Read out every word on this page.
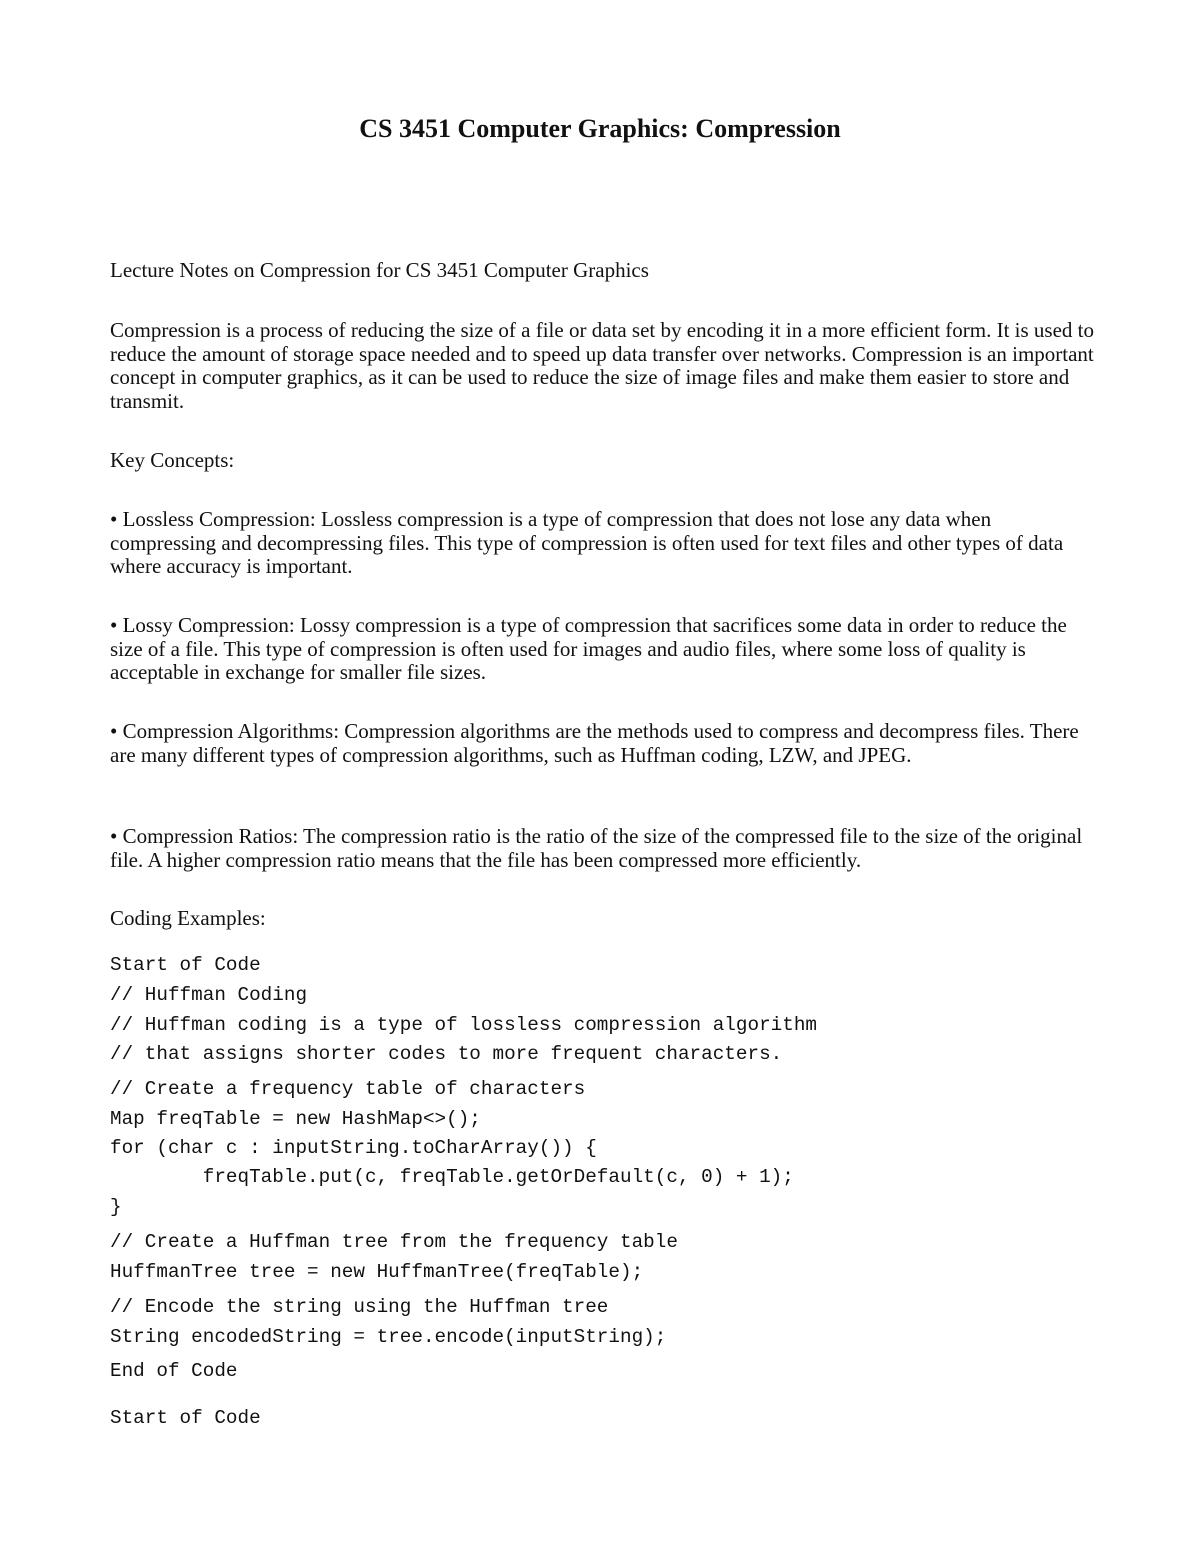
CS 3451 Computer Graphics: Compression

Lecture Notes on Compression for CS 3451 Computer Graphics

Compression is a process of reducing the size of a file or data set by encoding it in a more efficient form. It is used to reduce the amount of storage space needed and to speed up data transfer over networks. Compression is an important concept in computer graphics, as it can be used to reduce the size of image files and make them easier to store and transmit.

Key Concepts:

• Lossless Compression: Lossless compression is a type of compression that does not lose any data when compressing and decompressing files. This type of compression is often used for text files and other types of data where accuracy is important.

• Lossy Compression: Lossy compression is a type of compression that sacrifices some data in order to reduce the size of a file. This type of compression is often used for images and audio files, where some loss of quality is acceptable in exchange for smaller file sizes.

• Compression Algorithms: Compression algorithms are the methods used to compress and decompress files. There are many different types of compression algorithms, such as Huffman coding, LZW, and JPEG.

• Compression Ratios: The compression ratio is the ratio of the size of the compressed file to the size of the original file. A higher compression ratio means that the file has been compressed more efficiently.

Coding Examples:

Start of Code
// Huffman Coding
// Huffman coding is a type of lossless compression algorithm
// that assigns shorter codes to more frequent characters.
// Create a frequency table of characters
Map freqTable = new HashMap<>();
for (char c : inputString.toCharArray()) {
freqTable.put(c, freqTable.getOrDefault(c, 0) + 1);
}
// Create a Huffman tree from the frequency table
HuffmanTree tree = new HuffmanTree(freqTable);
// Encode the string using the Huffman tree
String encodedString = tree.encode(inputString);
End of Code
Start of Code
